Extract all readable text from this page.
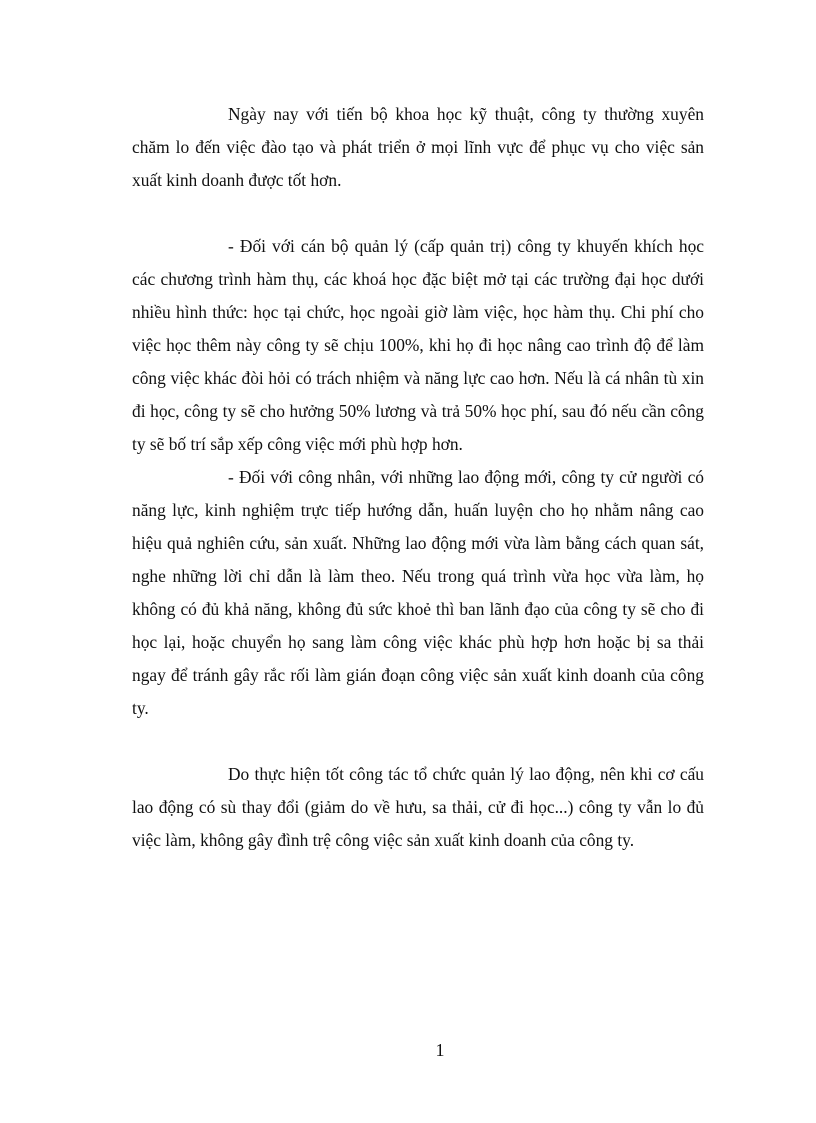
Ngày nay với tiến bộ khoa học kỹ thuật, công ty thường xuyên chăm lo đến việc đào tạo và phát triển ở mọi lĩnh vực để phục vụ cho việc sản xuất kinh doanh được tốt hơn.

- Đối với cán bộ quản lý (cấp quản trị) công ty khuyến khích học các chương trình hàm thụ, các khoá học đặc biệt mở tại các trường đại học dưới nhiều hình thức: học tại chức, học ngoài giờ làm việc, học hàm thụ. Chi phí cho việc học thêm này công ty sẽ chịu 100%, khi họ đi học nâng cao trình độ để làm công việc khác đòi hỏi có trách nhiệm và năng lực cao hơn. Nếu là cá nhân tù xin đi học, công ty sẽ cho hưởng 50% lương và trả 50% học phí, sau đó nếu cần công ty sẽ bố trí sắp xếp công việc mới phù hợp hơn.

- Đối với công nhân, với những lao động mới, công ty cử người có năng lực, kinh nghiệm trực tiếp hướng dẫn, huấn luyện cho họ nhằm nâng cao hiệu quả nghiên cứu, sản xuất. Những lao động mới vừa làm bằng cách quan sát, nghe những lời chỉ dẫn là làm theo. Nếu trong quá trình vừa học vừa làm, họ không có đủ khả năng, không đủ sức khoẻ thì ban lãnh đạo của công ty sẽ cho đi học lại, hoặc chuyển họ sang làm công việc khác phù hợp hơn hoặc bị sa thải ngay để tránh gây rắc rối làm gián đoạn công việc sản xuất kinh doanh của công ty.

Do thực hiện tốt công tác tổ chức quản lý lao động, nên khi cơ cấu lao động có sù thay đổi (giảm do về hưu, sa thải, cử đi học...) công ty vẫn lo đủ việc làm, không gây đình trệ công việc sản xuất kinh doanh của công ty.

1
